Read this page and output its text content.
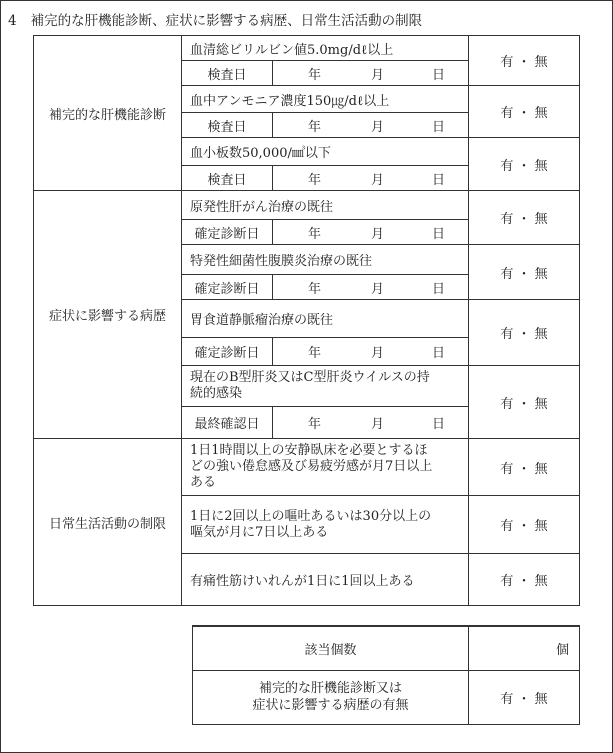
4 補完的な肝機能診断、症状に影響する病歴、日常生活活動の制限
補完的な肝機能診断	血清総ビリルビン値5.0mg/dℓ以上		有 ・ 無
	検査日	年 月 日	
	血中アンモニア濃度150㎍/dℓ以上		有 ・ 無
	検査日	年 月 日	
	血小板数50,000/㎣以下		有 ・ 無
	検査日	年 月 日	
症状に影響する病歴	原発性肝がん治療の既往		有 ・ 無
	確定診断日	年 月 日	
	特発性細菌性腹膜炎治療の既往		有 ・ 無
	確定診断日	年 月 日	
	胃食道静脈瘤治療の既往		有 ・ 無
	確定診断日	年 月 日	
	現在のB型肝炎又はC型肝炎ウイルスの持
続的感染		有 ・ 無
	最終確認日	年 月 日	
日常生活活動の制限	1日1時間以上の安静臥床を必要とするほ
どの強い倦怠感及び易疲労感が月7日以上
ある		有 ・ 無
	1日に2回以上の嘔吐あるいは30分以上の
嘔気が月に7日以上ある		有 ・ 無
	有痛性筋けいれんが1日に1回以上ある		有 ・ 無
該当個数	個
補完的な肝機能診断又は
症状に影響する病歴の有無	有 ・ 無
